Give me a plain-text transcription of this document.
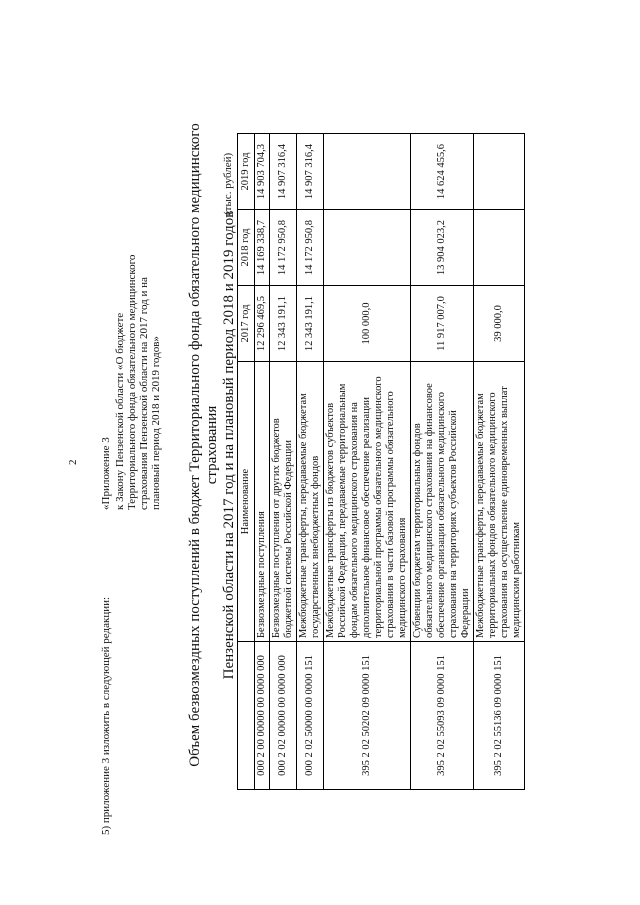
2
5) приложение 3 изложить в следующей редакции:
«Приложение 3 к Закону Пензенской области «О бюджете Территориального фонда обязательного медицинского страхования Пензенской области на 2017 год и на плановый период 2018 и 2019 годов» Объем безвозмездных поступлений в бюджет Территориального фонда обязательного медицинского страхования Пензенской области на 2017 год и на плановый период 2018 и 2019 годов
(тыс. рублей)
	Наименование	2017 год	2018 год	2019 год
000 2 00 00000 00 0000 000	Безвозмездные поступления	12 296 469,5	14 169 338,7	14 903 704,3
000 2 02 00000 00 0000 000	Безвозмездные поступления от других бюджетов бюджетной системы Российской Федерации	12 343 191,1	14 172 950,8	14 907 316,4
000 2 02 50000 00 0000 151	Межбюджетные трансферты, передаваемые бюджетам государственных внебюджетных фондов	12 343 191,1	14 172 950,8	14 907 316,4
395 2 02 50202 09 0000 151	Межбюджетные трансферты из бюджетов субъектов Российской Федерации, передаваемые территориальным фондам обязательного медицинского страхования на дополнительное финансовое обеспечение реализации территориальной программы обязательного медицинского страхования в части базовой программы обязательного медицинского страхования	100 000,0		
395 2 02 55093 09 0000 151	Субвенции бюджетам территориальных фондов обязательного медицинского страхования на финансовое обеспечение организации обязательного медицинского страхования на территориях субъектов Российской Федерации	11 917 007,0	13 904 023,2	14 624 455,6
395 2 02 55136 09 0000 151	Межбюджетные трансферты, передаваемые бюджетам территориальных фондов обязательного медицинского страхования на осуществление единовременных выплат медицинским работникам	39 000,0		
